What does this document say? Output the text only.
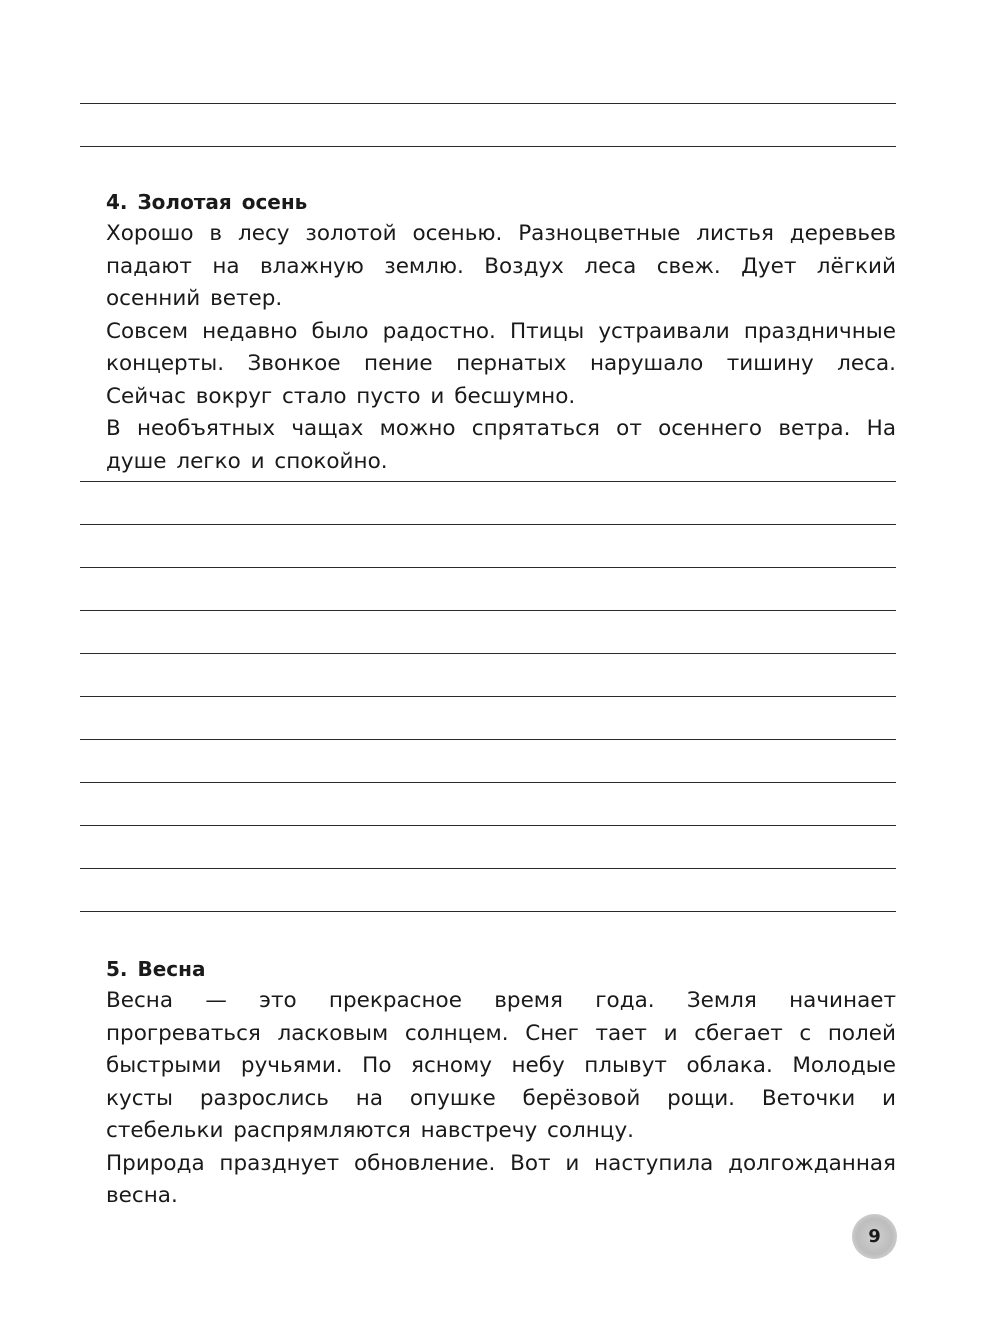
4. Золотая осень

Хорошо в лесу золотой осенью. Разноцветные листья деревьев падают на влажную землю. Воздух леса свеж. Дует лёгкий осенний ветер.

Совсем недавно было радостно. Птицы устраивали праздничные концерты. Звонкое пение пернатых нарушало тишину леса. Сейчас вокруг стало пусто и бесшумно.

В необъятных чащах можно спрятаться от осеннего ветра. На душе легко и спокойно.

5. Весна

Весна — это прекрасное время года. Земля начинает прогреваться ласковым солнцем. Снег тает и сбегает с полей быстрыми ручьями. По ясному небу плывут облака. Молодые кусты разрослись на опушке берёзовой рощи. Веточки и стебельки распрямляются навстречу солнцу.

Природа празднует обновление. Вот и наступила долгожданная весна.

9
